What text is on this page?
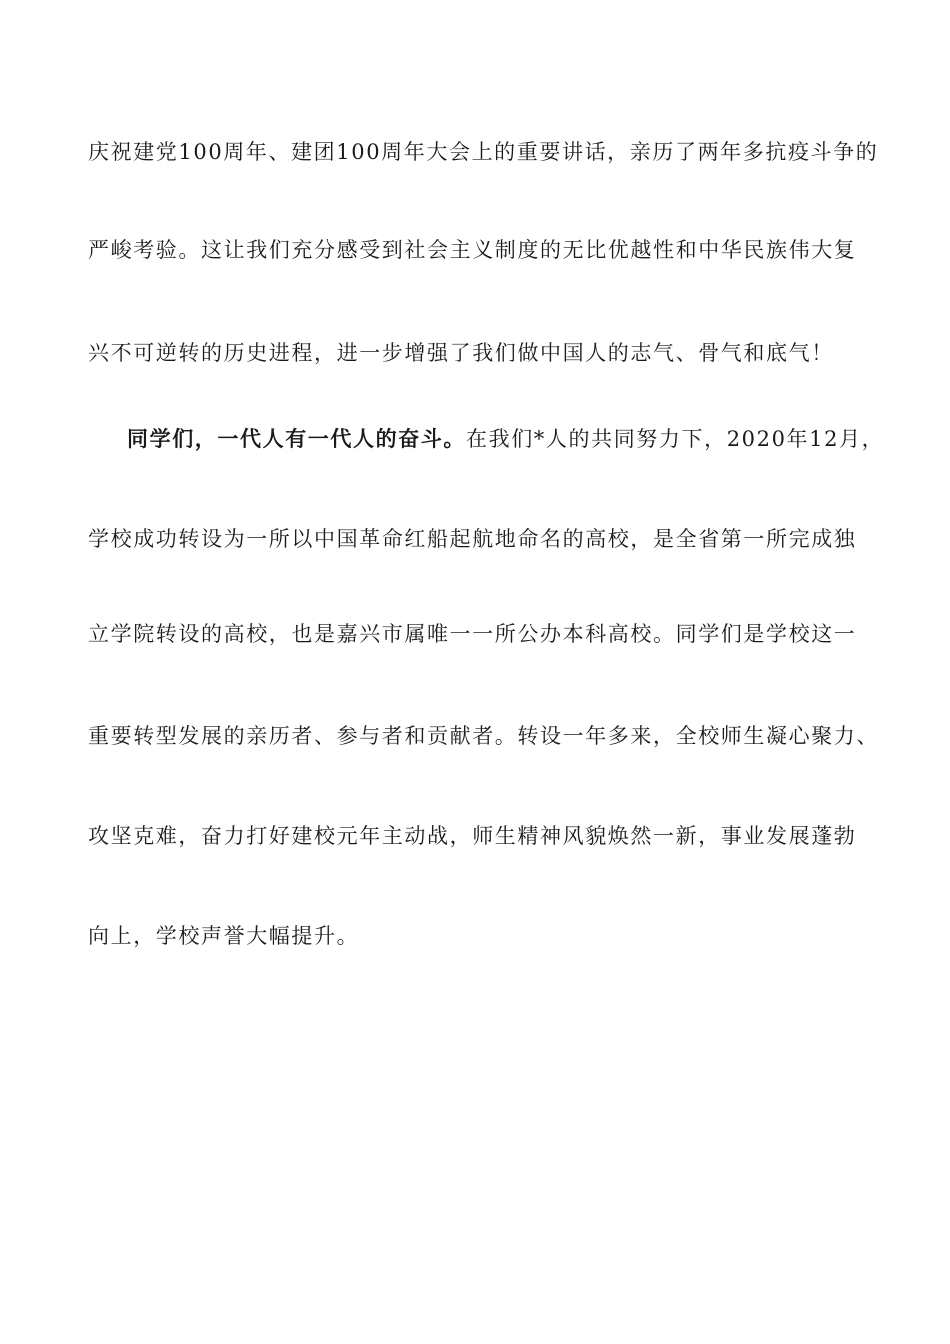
庆祝建党100周年、建团100周年大会上的重要讲话，亲历了两年多抗疫斗争的
严峻考验。这让我们充分感受到社会主义制度的无比优越性和中华民族伟大复
兴不可逆转的历史进程，进一步增强了我们做中国人的志气、骨气和底气！
同学们，一代人有一代人的奋斗。在我们*人的共同努力下，2020年12月，
学校成功转设为一所以中国革命红船起航地命名的高校，是全省第一所完成独
立学院转设的高校，也是嘉兴市属唯一一所公办本科高校。同学们是学校这一
重要转型发展的亲历者、参与者和贡献者。转设一年多来，全校师生凝心聚力、
攻坚克难，奋力打好建校元年主动战，师生精神风貌焕然一新，事业发展蓬勃
向上，学校声誉大幅提升。
